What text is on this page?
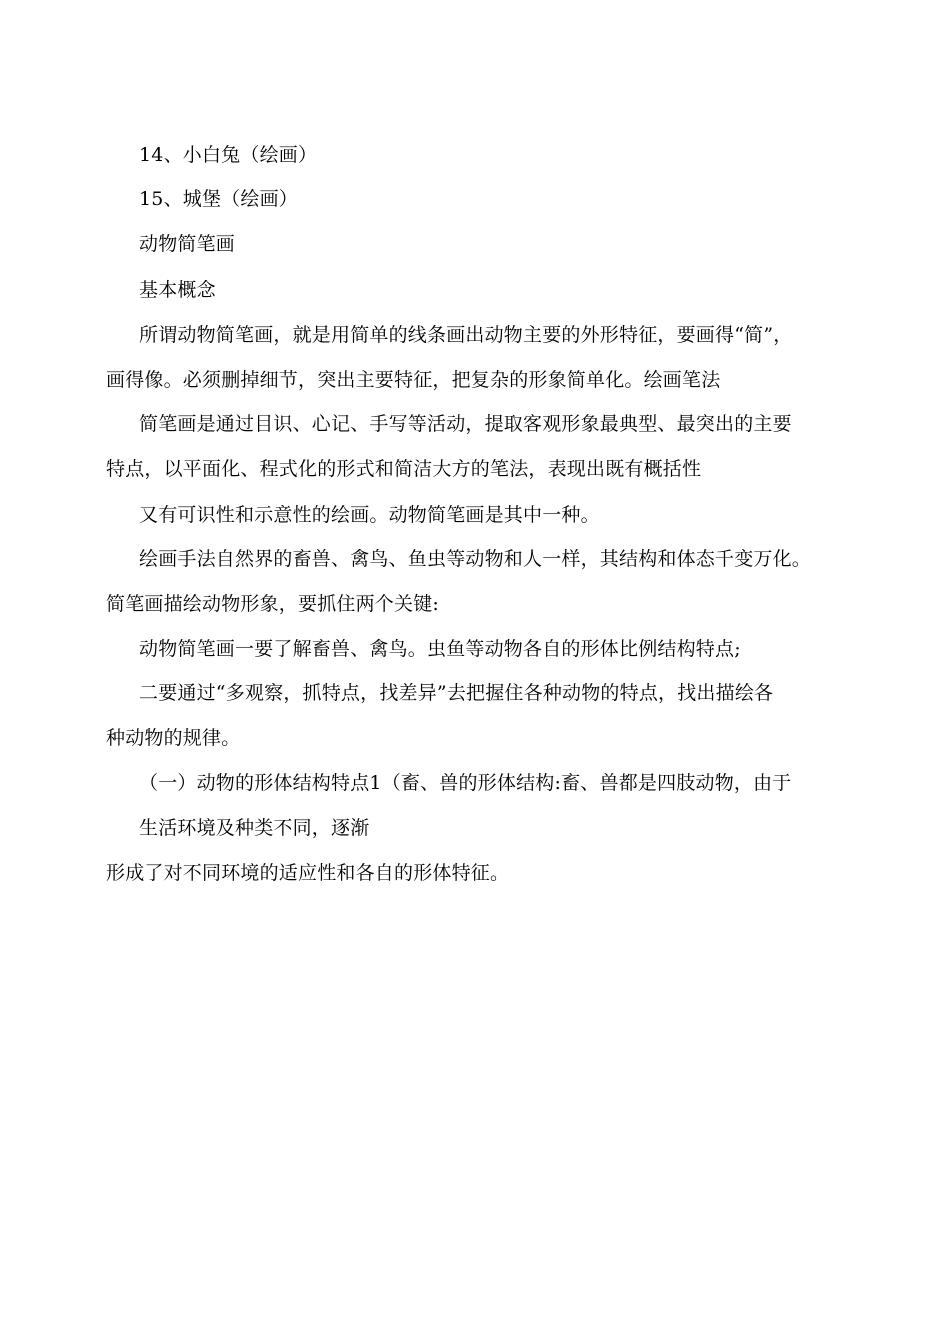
14、小白兔（绘画）
15、城堡（绘画）
动物简笔画
基本概念
所谓动物简笔画，就是用简单的线条画出动物主要的外形特征，要画得“简”，
画得像。必须删掉细节，突出主要特征，把复杂的形象简单化。绘画笔法
简笔画是通过目识、心记、手写等活动，提取客观形象最典型、最突出的主要
特点，以平面化、程式化的形式和简洁大方的笔法，表现出既有概括性
又有可识性和示意性的绘画。动物简笔画是其中一种。
绘画手法自然界的畜兽、禽鸟、鱼虫等动物和人一样，其结构和体态千变万化。
简笔画描绘动物形象，要抓住两个关键:
动物简笔画一要了解畜兽、禽鸟。虫鱼等动物各自的形体比例结构特点;
二要通过“多观察，抓特点，找差异”去把握住各种动物的特点，找出描绘各
种动物的规律。
（一）动物的形体结构特点1（畜、兽的形体结构:畜、兽都是四肢动物，由于
生活环境及种类不同，逐渐
形成了对不同环境的适应性和各自的形体特征。
